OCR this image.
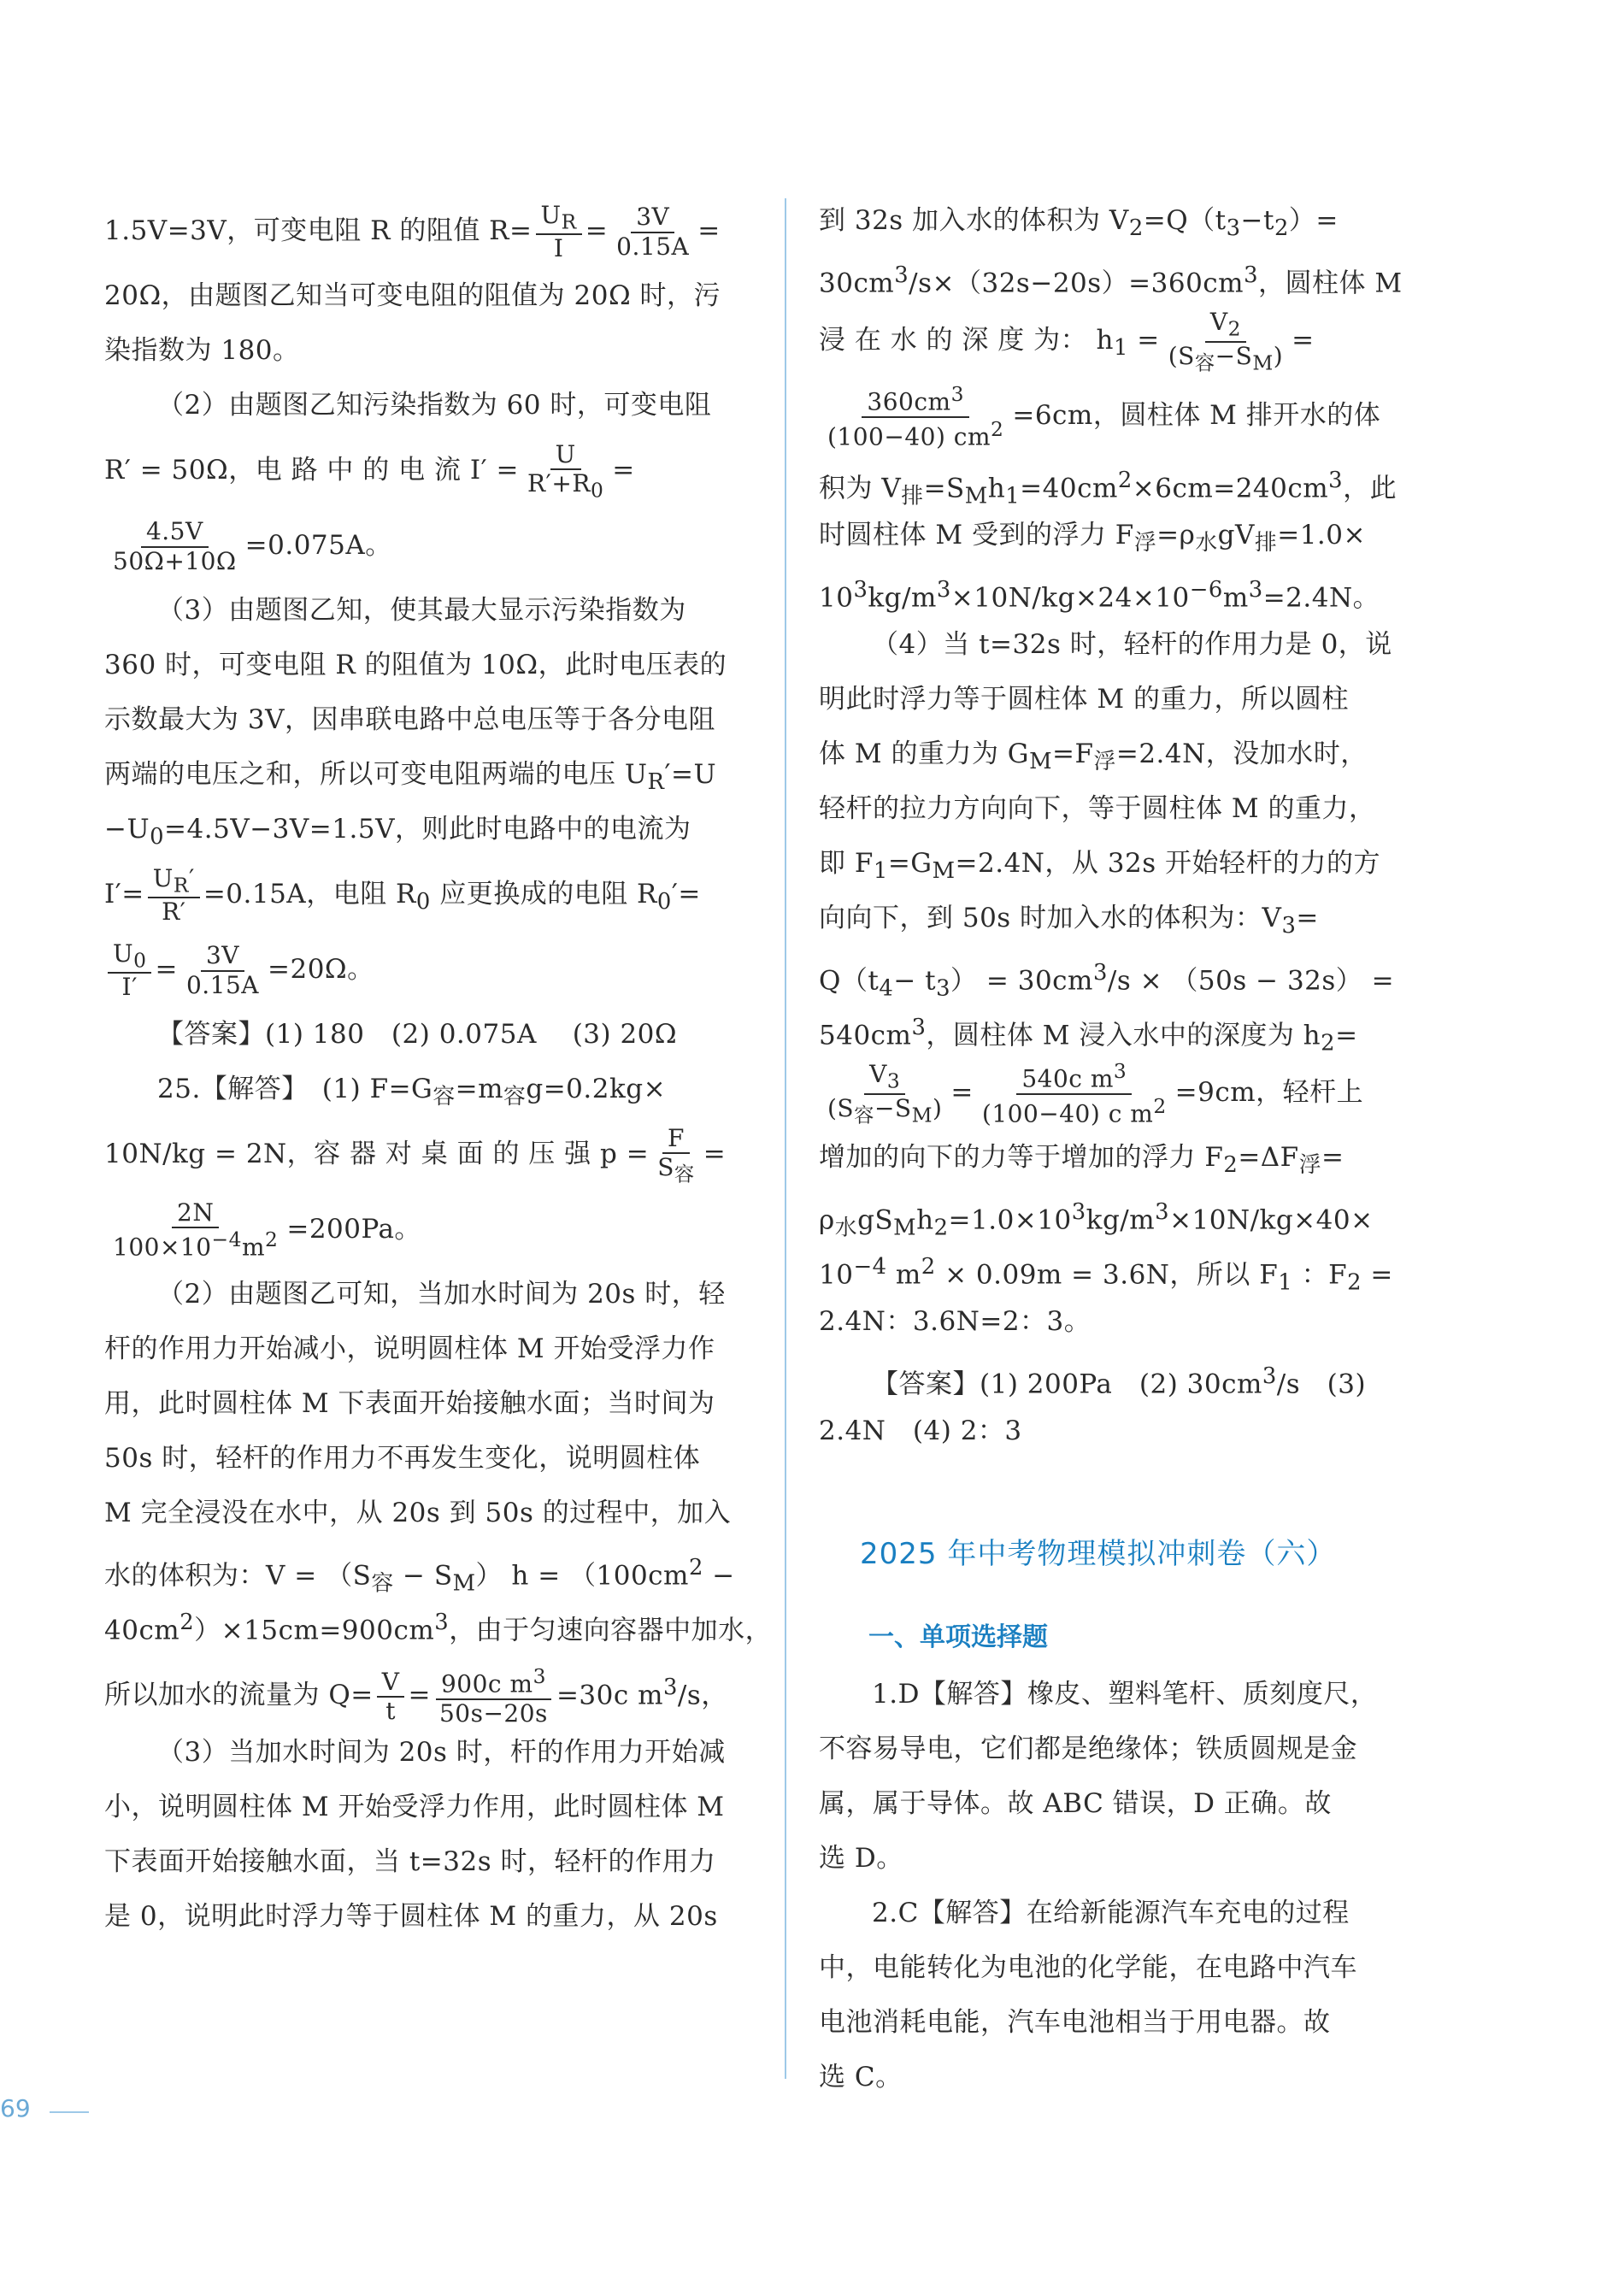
1.5V=3V，可变电阻 R 的阻值 $R= \frac{U_R}{I} = \frac{3V}{0.15A}$ =
20Ω，由题图乙知当可变电阻的阻值为 20Ω 时，污
染指数为 180。
（2）由题图乙知污染指数为 60 时，可变电阻
R′ = 50Ω，电 路 中 的 电 流 $I' = \frac{U}{R'+R_0}$ =
$\frac{4.5V}{50\Omega+10\Omega} =0.075A$。
（3）由题图乙知，使其最大显示污染指数为
360 时，可变电阻 R 的阻值为 10Ω，此时电压表的
示数最大为 3V，因串联电路中总电压等于各分电阻
两端的电压之和，所以可变电阻两端的电压 $U_R'=U$
$-U_0=4.5V-3V=1.5V$，则此时电路中的电流为
$I'= \frac{U_R'}{R'} =0.15A$，电阻 $R_0$ 应更换成的电阻 $R_0'=$
$\frac{U_0}{I'} = \frac{3V}{0.15A} =20\Omega$。
【答案】(1) 180　(2) 0.075A　 (3) 20Ω
25.【解答】　(1) $F=G_容=m_容g=0.2kg\times$
10N/kg = 2N，容 器 对 桌 面 的 压 强 $p = \frac{F}{S_容}$ =
$\frac{2N}{100\times 10^{-4}m^2} =200Pa$。
（2）由题图乙可知，当加水时间为 20s 时，轻
杆的作用力开始减小，说明圆柱体 M 开始受浮力作
用，此时圆柱体 M 下表面开始接触水面；当时间为
50s 时，轻杆的作用力不再发生变化，说明圆柱体
M 完全浸没在水中，从 20s 到 50s 的过程中，加入
水的体积为：$V = (S_容 - S_M) h = (100cm^2$ −
$40cm^2)\times 15cm=900cm^3$，由于匀速向容器中加水，
所以加水的流量为 $Q= \frac{V}{t} = \frac{900c m^3}{50s-20s} =30c$ $m^3/s$，
（3）当加水时间为 20s 时，杆的作用力开始减
小，说明圆柱体 M 开始受浮力作用，此时圆柱体 M
下表面开始接触水面，当 t=32s 时，轻杆的作用力
是 0，说明此时浮力等于圆柱体 M 的重力，从 20s
到 32s 加入水的体积为 $V_2=Q(t_3-t_2)=$
$30cm^3/s\times(32s-20s)=360cm^3$，圆柱体 M
浸 在 水 的 深 度 为： $h_1 = \frac{V_2}{(S_容-S_M)}$ =
$\frac{360cm^3}{(100-40) cm^2} =6cm$，圆柱体 M 排开水的体
积为 $V_排=S_Mh_1=40cm^2\times 6cm=240cm^3$，此
时圆柱体 M 受到的浮力 $F_浮=\rho_水gV_排=1.0\times$
$10^3kg/m^3\times 10N/kg\times 24\times 10^{-6}m^3=2.4N$。
（4）当 t=32s 时，轻杆的作用力是 0，说
明此时浮力等于圆柱体 M 的重力，所以圆柱
体 M 的重力为 $G_M=F_浮=2.4N$，没加水时，
轻杆的拉力方向向下，等于圆柱体 M 的重力，
即 $F_1=G_M=2.4N$，从 32s 开始轻杆的力的方
向向下，到 50s 时加入水的体积为：$V_3=$
$Q(t_4- t_3) = 30cm^3/s \times (50s - 32s)$ =
$540cm^3$，圆柱体 M 浸入水中的深度为 $h_2=$
$\frac{V_3}{(S_容-S_M)} = \frac{540c m^3}{(100-40) c m^2} =9cm$，轻杆上
增加的向下的力等于增加的浮力 $F_2=\Delta F_浮=$
$\rho_水gS_Mh_2=1.0\times 10^3kg/m^3\times 10N/kg\times 40\times$
$10^{-4}$ $m^2 \times 0.09m = 3.6N$，所以 $F_1$ ：$F_2$ =
2.4N：3.6N=2：3。
【答案】(1) 200Pa　(2) $30cm^3/s$　(3)
2.4N　(4) 2：3
2025 年中考物理模拟冲刺卷（六）
一、单项选择题
1.D【解答】橡皮、塑料笔杆、质刻度尺，
不容易导电，它们都是绝缘体；铁质圆规是金
属，属于导体。故 ABC 错误，D 正确。故
选 D。
2.C【解答】在给新能源汽车充电的过程
中，电能转化为电池的化学能，在电路中汽车
电池消耗电能，汽车电池相当于用电器。故
选 C。
69
